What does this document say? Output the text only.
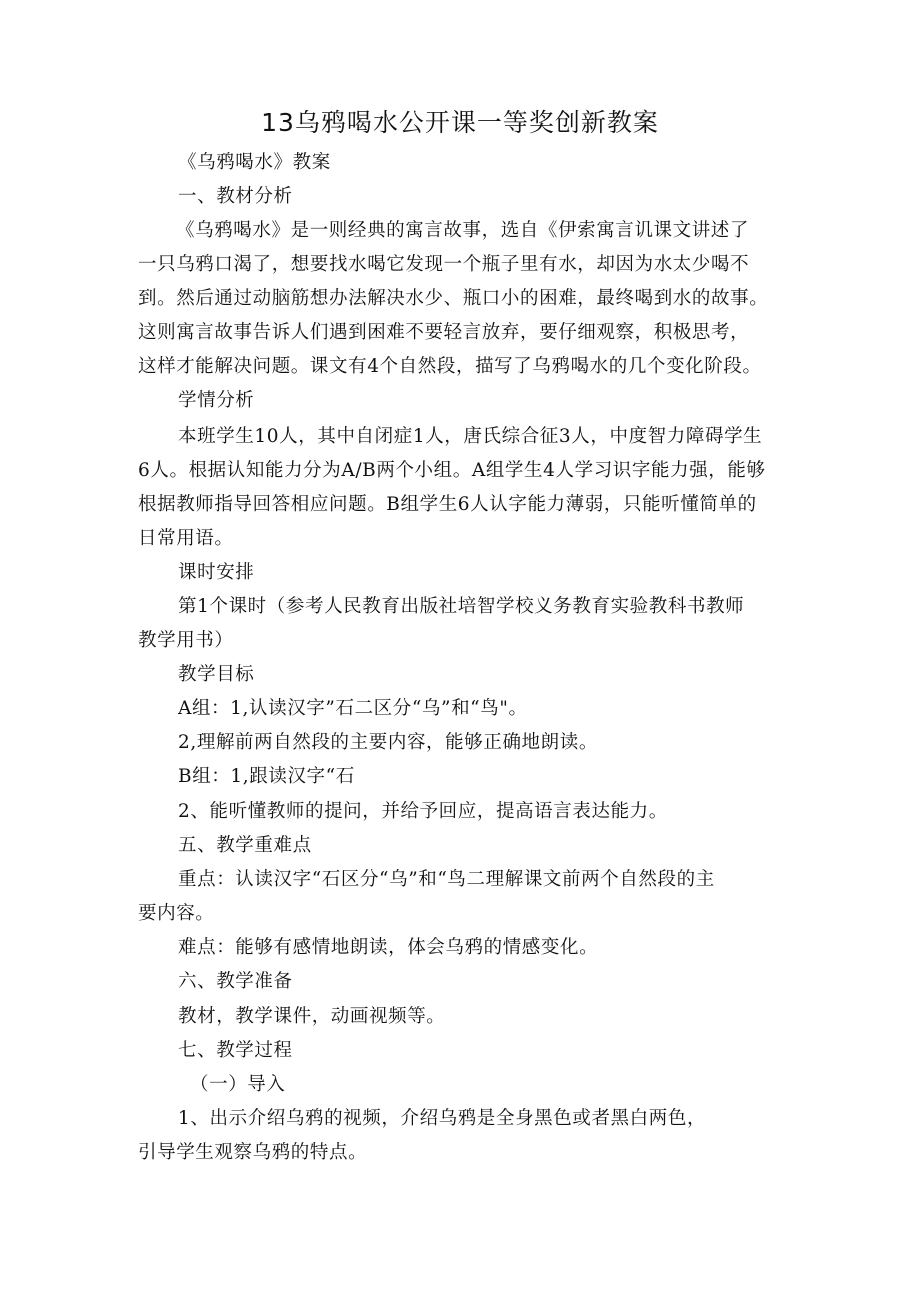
13乌鸦喝水公开课一等奖创新教案
《乌鸦喝水》教案
一、教材分析
《乌鸦喝水》是一则经典的寓言故事，选自《伊索寓言讥课文讲述了
一只乌鸦口渴了，想要找水喝它发现一个瓶子里有水，却因为水太少喝不
到。然后通过动脑筋想办法解决水少、瓶口小的困难，最终喝到水的故事。
这则寓言故事告诉人们遇到困难不要轻言放弃，要仔细观察，积极思考，
这样才能解决问题。课文有4个自然段，描写了乌鸦喝水的几个变化阶段。
学情分析
本班学生10人，其中自闭症1人，唐氏综合征3人，中度智力障碍学生
6人。根据认知能力分为A/B两个小组。A组学生4人学习识字能力强，能够
根据教师指导回答相应问题。B组学生6人认字能力薄弱，只能听懂简单的
日常用语。
课时安排
第1个课时（参考人民教育出版社培智学校义务教育实验教科书教师
教学用书）
教学目标
A组：1,认读汉字”石二区分“乌”和“鸟"。
2,理解前两自然段的主要内容，能够正确地朗读。
B组：1,跟读汉字“石
2、能听懂教师的提问，并给予回应，提高语言表达能力。
五、教学重难点
重点：认读汉字“石区分“乌”和“鸟二理解课文前两个自然段的主
要内容。
难点：能够有感情地朗读，体会乌鸦的情感变化。
六、教学准备
教材，教学课件，动画视频等。
七、教学过程
（一）导入
1、出示介绍乌鸦的视频，介绍乌鸦是全身黑色或者黑白两色，
引导学生观察乌鸦的特点。
